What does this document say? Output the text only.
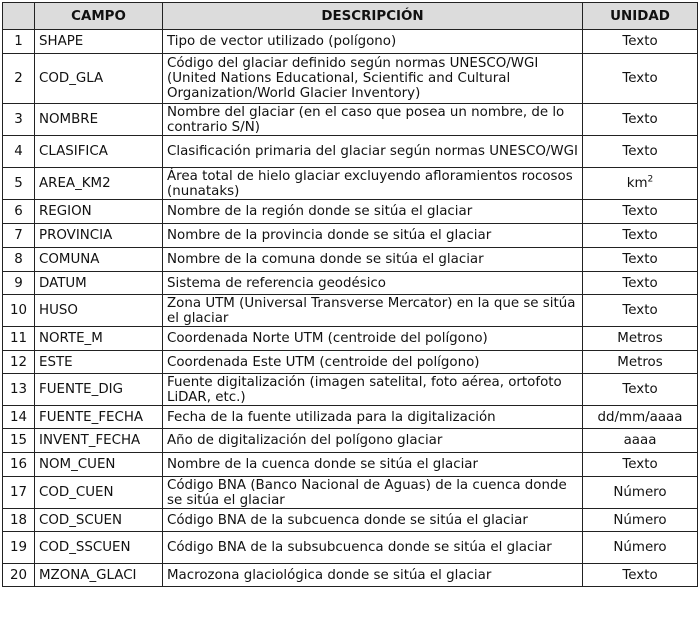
	CAMPO	DESCRIPCIÓN	UNIDAD
1	SHAPE	Tipo de vector utilizado (polígono)	Texto
2	COD_GLA	Código del glaciar definido según normas UNESCO/WGI (United Nations Educational, Scientific and Cultural Organization/World Glacier Inventory)	Texto
3	NOMBRE	Nombre del glaciar (en el caso que posea un nombre, de lo contrario S/N)	Texto
4	CLASIFICA	Clasificación primaria del glaciar según normas UNESCO/WGI	Texto
5	AREA_KM2	Área total de hielo glaciar excluyendo afloramientos rocosos (nunataks)	$km^2$
6	REGION	Nombre de la región donde se sitúa el glaciar	Texto
7	PROVINCIA	Nombre de la provincia donde se sitúa el glaciar	Texto
8	COMUNA	Nombre de la comuna donde se sitúa el glaciar	Texto
9	DATUM	Sistema de referencia geodésico	Texto
10	HUSO	Zona UTM (Universal Transverse Mercator) en la que se sitúa el glaciar	Texto
11	NORTE_M	Coordenada Norte UTM (centroide del polígono)	Metros
12	ESTE	Coordenada Este UTM (centroide del polígono)	Metros
13	FUENTE_DIG	Fuente digitalización (imagen satelital, foto aérea, ortofoto LiDAR, etc.)	Texto
14	FUENTE_FECHA	Fecha de la fuente utilizada para la digitalización	dd/mm/aaaa
15	INVENT_FECHA	Año de digitalización del polígono glaciar	aaaa
16	NOM_CUEN	Nombre de la cuenca donde se sitúa el glaciar	Texto
17	COD_CUEN	Código BNA (Banco Nacional de Aguas) de la cuenca donde se sitúa el glaciar	Número
18	COD_SCUEN	Código BNA de la subcuenca donde se sitúa el glaciar	Número
19	COD_SSCUEN	Código BNA de la subsubcuenca donde se sitúa el glaciar	Número
20	MZONA_GLACI	Macrozona glaciológica donde se sitúa el glaciar	Texto
